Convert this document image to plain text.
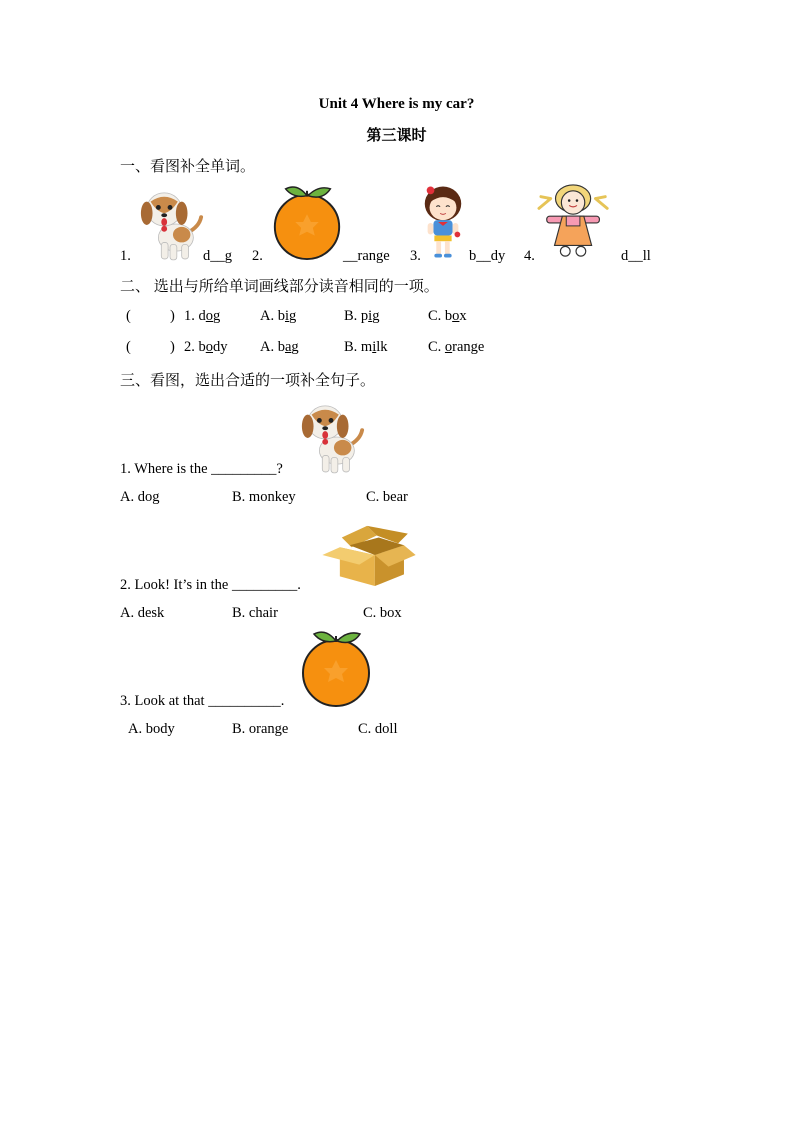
Unit 4 Where is my car?
第三课时
一、看图补全单词。
1.	d__g 2.	__range 3.	b__dy 4.	d__ll
二、 选出与所给单词画线部分读音相同的一项。
(	) 1. dog	A. big	B. pig	C. box
(	) 2. body A. bag	B. milk	C. orange
三、看图，选出合适的一项补全句子。
1. Where is the _________?
A. dog	B. monkey	C. bear
2. Look! It’s in the _________.
A. desk	B. chair	C. box
3. Look at that __________.
A. body	B. orange	C. doll
